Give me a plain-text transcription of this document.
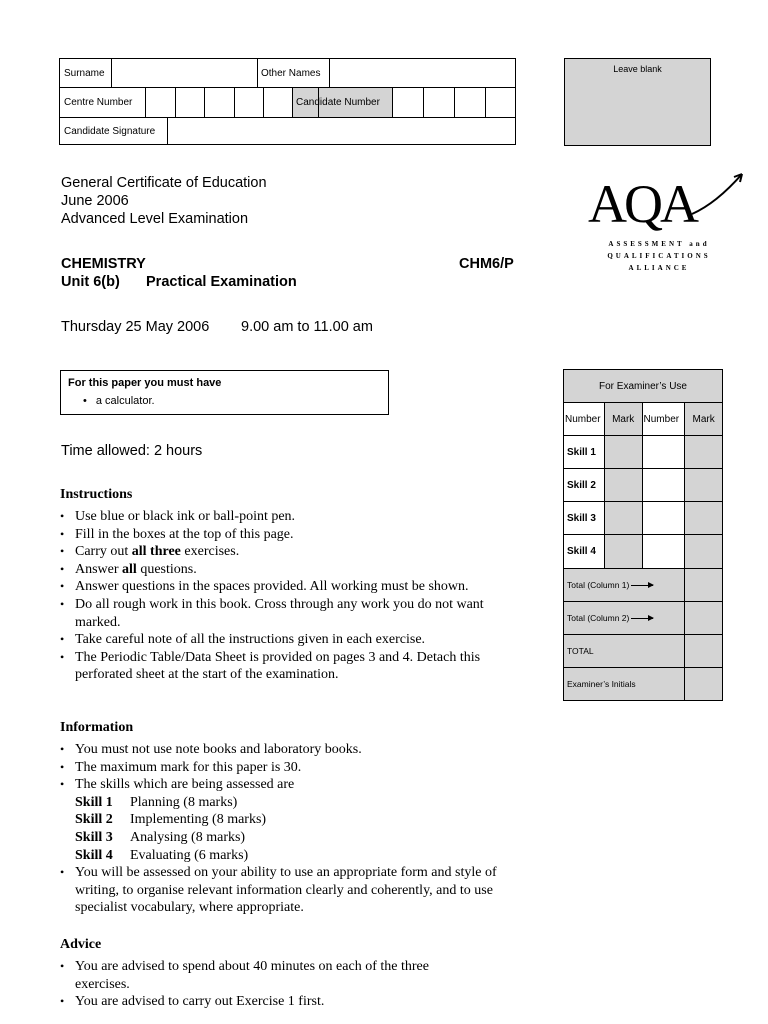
Surname	Other Names
Centre Number	Candidate Number
Candidate Signature
Leave blank
AQA
ASSESSMENT and
QUALIFICATIONS
ALLIANCE
General Certificate of Education
June 2006
Advanced Level Examination
CHEMISTRY	CHM6/P
Unit 6(b) Practical Examination
Thursday 25 May 2006 9.00 am to 11.00 am
For this paper you must have
• a calculator.
Time allowed: 2 hours
Instructions
• Use blue or black ink or ball-point pen.
• Fill in the boxes at the top of this page.
• Carry out all three exercises.
• Answer all questions.
• Answer questions in the spaces provided. All working must be shown.
• Do all rough work in this book. Cross through any work you do not want marked.
• Take careful note of all the instructions given in each exercise.
• The Periodic Table/Data Sheet is provided on pages 3 and 4. Detach this perforated sheet at the start of the examination.
Information
• You must not use note books and laboratory books.
• The maximum mark for this paper is 30.
• The skills which are being assessed are
Skill 1 Planning (8 marks)
Skill 2 Implementing (8 marks)
Skill 3 Analysing (8 marks)
Skill 4 Evaluating (6 marks)
• You will be assessed on your ability to use an appropriate form and style of writing, to organise relevant information clearly and coherently, and to use specialist vocabulary, where appropriate.
Advice
• You are advised to spend about 40 minutes on each of the three exercises.
• You are advised to carry out Exercise 1 first.
For Examiner’s Use			
Number	Mark	Number	Mark
Skill 1			
Skill 2			
Skill 3			
Skill 4			
Total (Column 1)			
Total (Column 2)			
TOTAL			
Examiner’s Initials			
